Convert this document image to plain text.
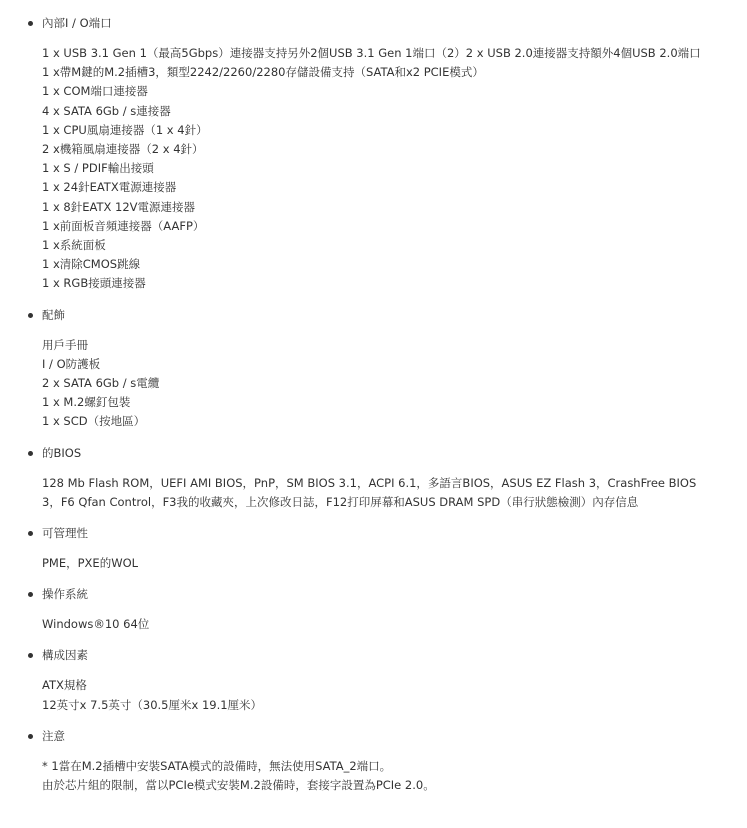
內部I / O端口
1 x USB 3.1 Gen 1（最高5Gbps）連接器支持另外2個USB 3.1 Gen 1端口（2）2 x USB 2.0連接器支持額外4個USB 2.0端口
1 x帶M鍵的M.2插槽3，類型2242/2260/2280存儲設備支持（SATA和x2 PCIE模式）
1 x COM端口連接器
4 x SATA 6Gb / s連接器
1 x CPU風扇連接器（1 x 4針）
2 x機箱風扇連接器（2 x 4針）
1 x S / PDIF輸出接頭
1 x 24針EATX電源連接器
1 x 8針EATX 12V電源連接器
1 x前面板音頻連接器（AAFP）
1 x系統面板
1 x清除CMOS跳線
1 x RGB接頭連接器
配飾
用戶手冊
I / O防護板
2 x SATA 6Gb / s電纜
1 x M.2螺釘包裝
1 x SCD（按地區）
的BIOS
128 Mb Flash ROM，UEFI AMI BIOS，PnP，SM BIOS 3.1，ACPI 6.1，多語言BIOS，ASUS EZ Flash 3，CrashFree BIOS 3，F6 Qfan Control，F3我的收藏夾，上次修改日誌，F12打印屏幕和ASUS DRAM SPD（串行狀態檢測）內存信息
可管理性
PME，PXE的WOL
操作系統
Windows®10 64位
構成因素
ATX規格
12英寸x 7.5英寸（30.5厘米x 19.1厘米）
注意
* 1當在M.2插槽中安裝SATA模式的設備時，無法使用SATA_2端口。
由於芯片組的限制，當以PCIe模式安裝M.2設備時，套接字設置為PCIe 2.0。
